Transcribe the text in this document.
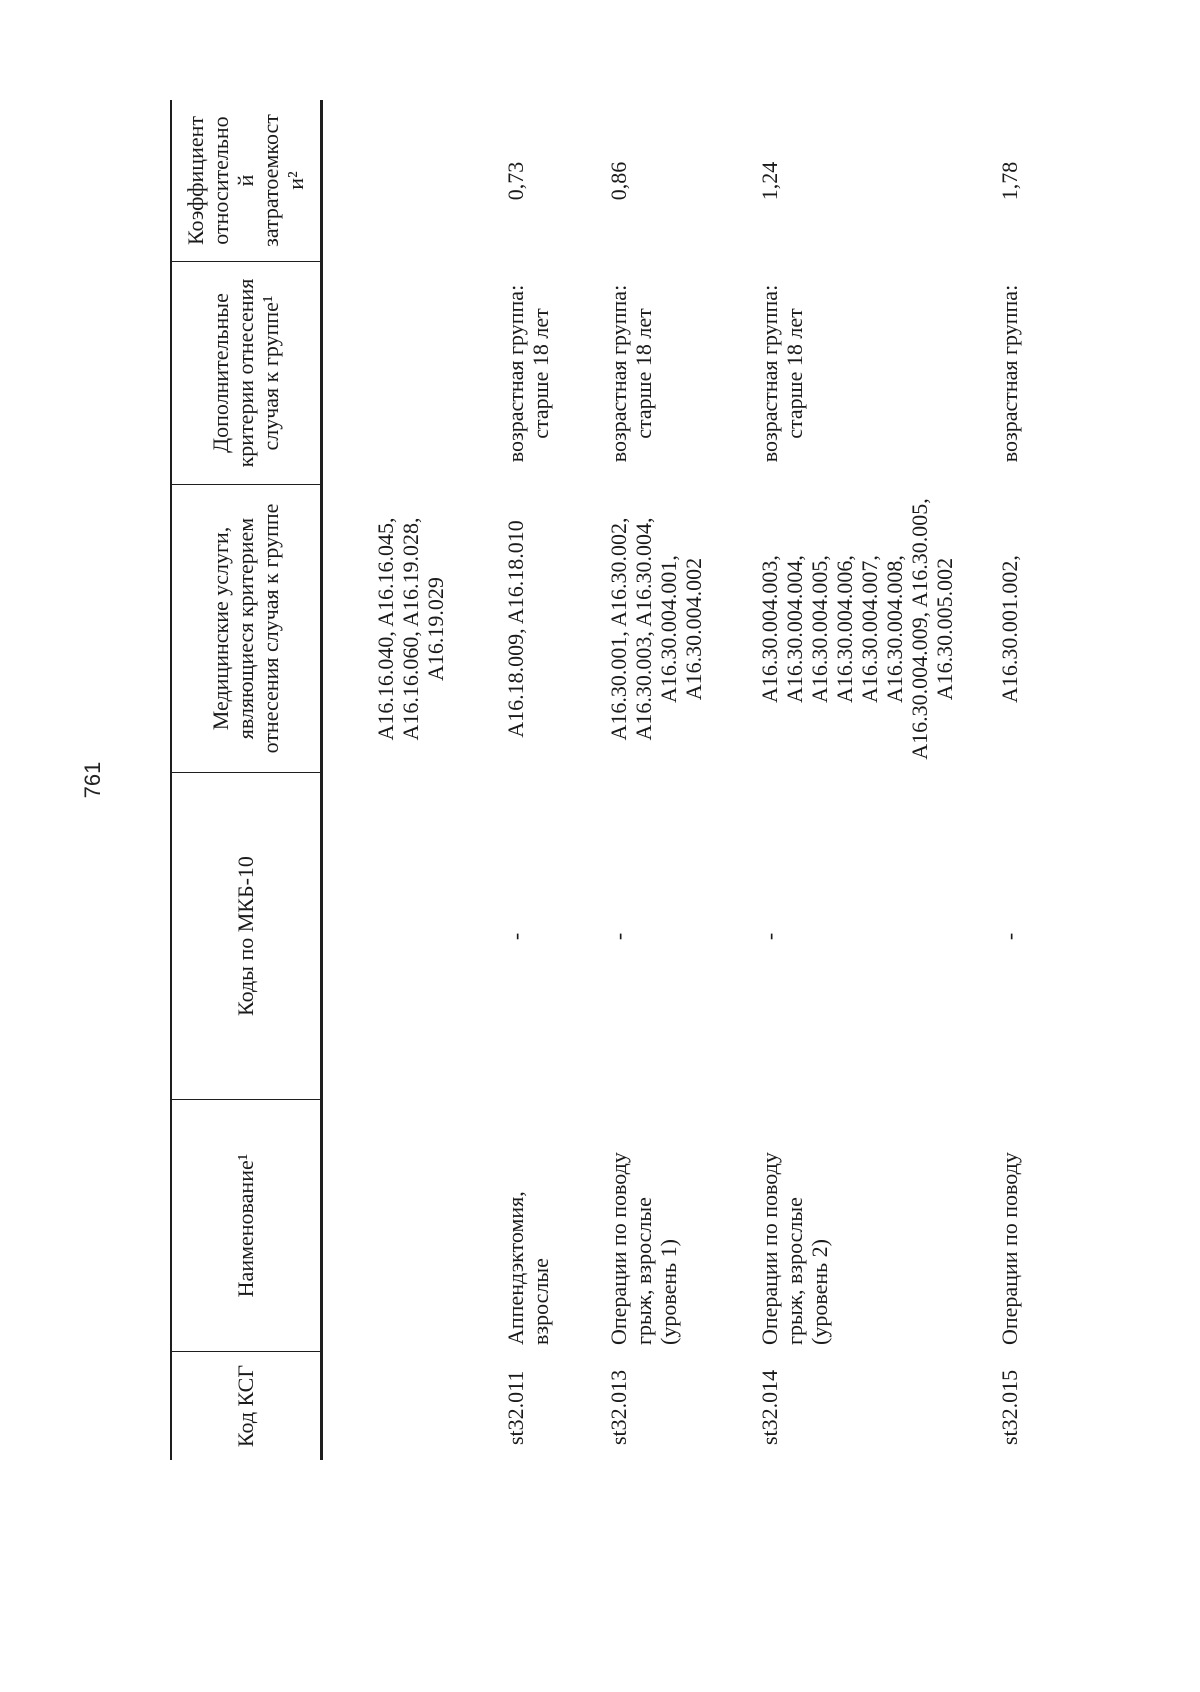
761
Код КСГ
Наименование¹
Коды по МКБ-10
Медицинские услуги, являющиеся критерием отнесения случая к группе
Дополнительные критерии отнесения случая к группе¹
Коэффициент относительно й затратоемкост и²
A16.16.040, A16.16.045, A16.16.060, A16.19.028, A16.19.029
st32.011
Аппендэктомия, взрослые
-
A16.18.009, A16.18.010
возрастная группа: старше 18 лет
0,73
st32.013
Операции по поводу грыж, взрослые (уровень 1)
-
A16.30.001, A16.30.002, A16.30.003, A16.30.004, A16.30.004.001, A16.30.004.002
возрастная группа: старше 18 лет
0,86
st32.014
Операции по поводу грыж, взрослые (уровень 2)
-
A16.30.004.003, A16.30.004.004, A16.30.004.005, A16.30.004.006, A16.30.004.007, A16.30.004.008, A16.30.004.009, A16.30.005, A16.30.005.002
возрастная группа: старше 18 лет
1,24
st32.015
Операции по поводу
-
A16.30.001.002,
возрастная группа:
1,78
